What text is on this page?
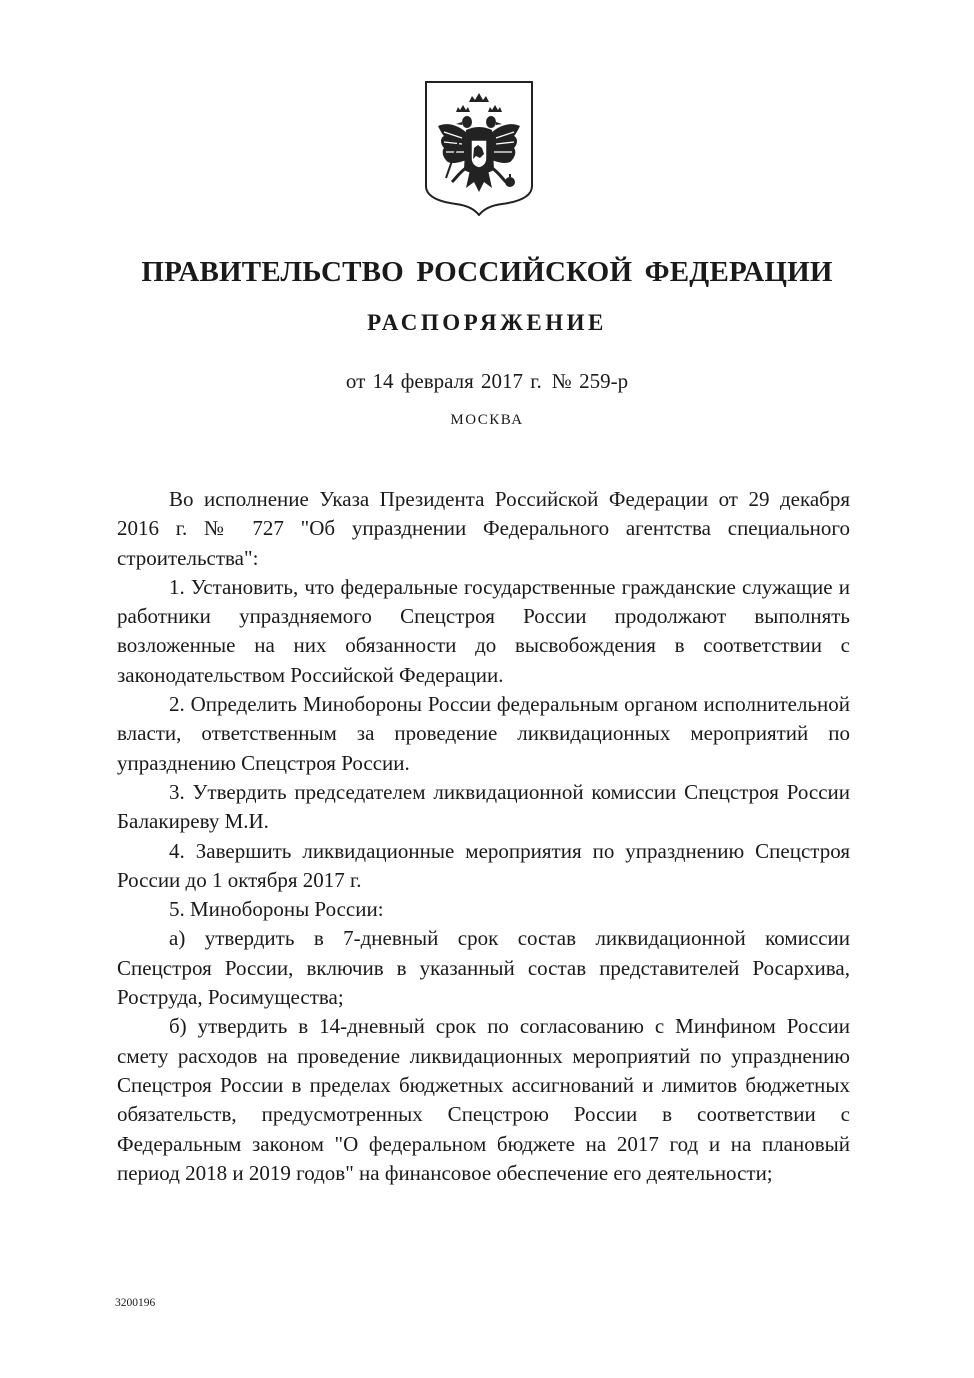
ПРАВИТЕЛЬСТВО РОССИЙСКОЙ ФЕДЕРАЦИИ
РАСПОРЯЖЕНИЕ
от 14 февраля 2017 г. № 259-р
МОСКВА

Во исполнение Указа Президента Российской Федерации от 29 декабря 2016 г. № 727 "Об упразднении Федерального агентства специального строительства":

1. Установить, что федеральные государственные гражданские служащие и работники упраздняемого Спецстроя России продолжают выполнять возложенные на них обязанности до высвобождения в соответствии с законодательством Российской Федерации.

2. Определить Минобороны России федеральным органом исполнительной власти, ответственным за проведение ликвидационных мероприятий по упразднению Спецстроя России.

3. Утвердить председателем ликвидационной комиссии Спецстроя России Балакиреву М.И.

4. Завершить ликвидационные мероприятия по упразднению Спецстроя России до 1 октября 2017 г.

5. Минобороны России:

а) утвердить в 7-дневный срок состав ликвидационной комиссии Спецстроя России, включив в указанный состав представителей Росархива, Роструда, Росимущества;

б) утвердить в 14-дневный срок по согласованию с Минфином России смету расходов на проведение ликвидационных мероприятий по упразднению Спецстроя России в пределах бюджетных ассигнований и лимитов бюджетных обязательств, предусмотренных Спецстрою России в соответствии с Федеральным законом "О федеральном бюджете на 2017 год и на плановый период 2018 и 2019 годов" на финансовое обеспечение его деятельности;

3200196
